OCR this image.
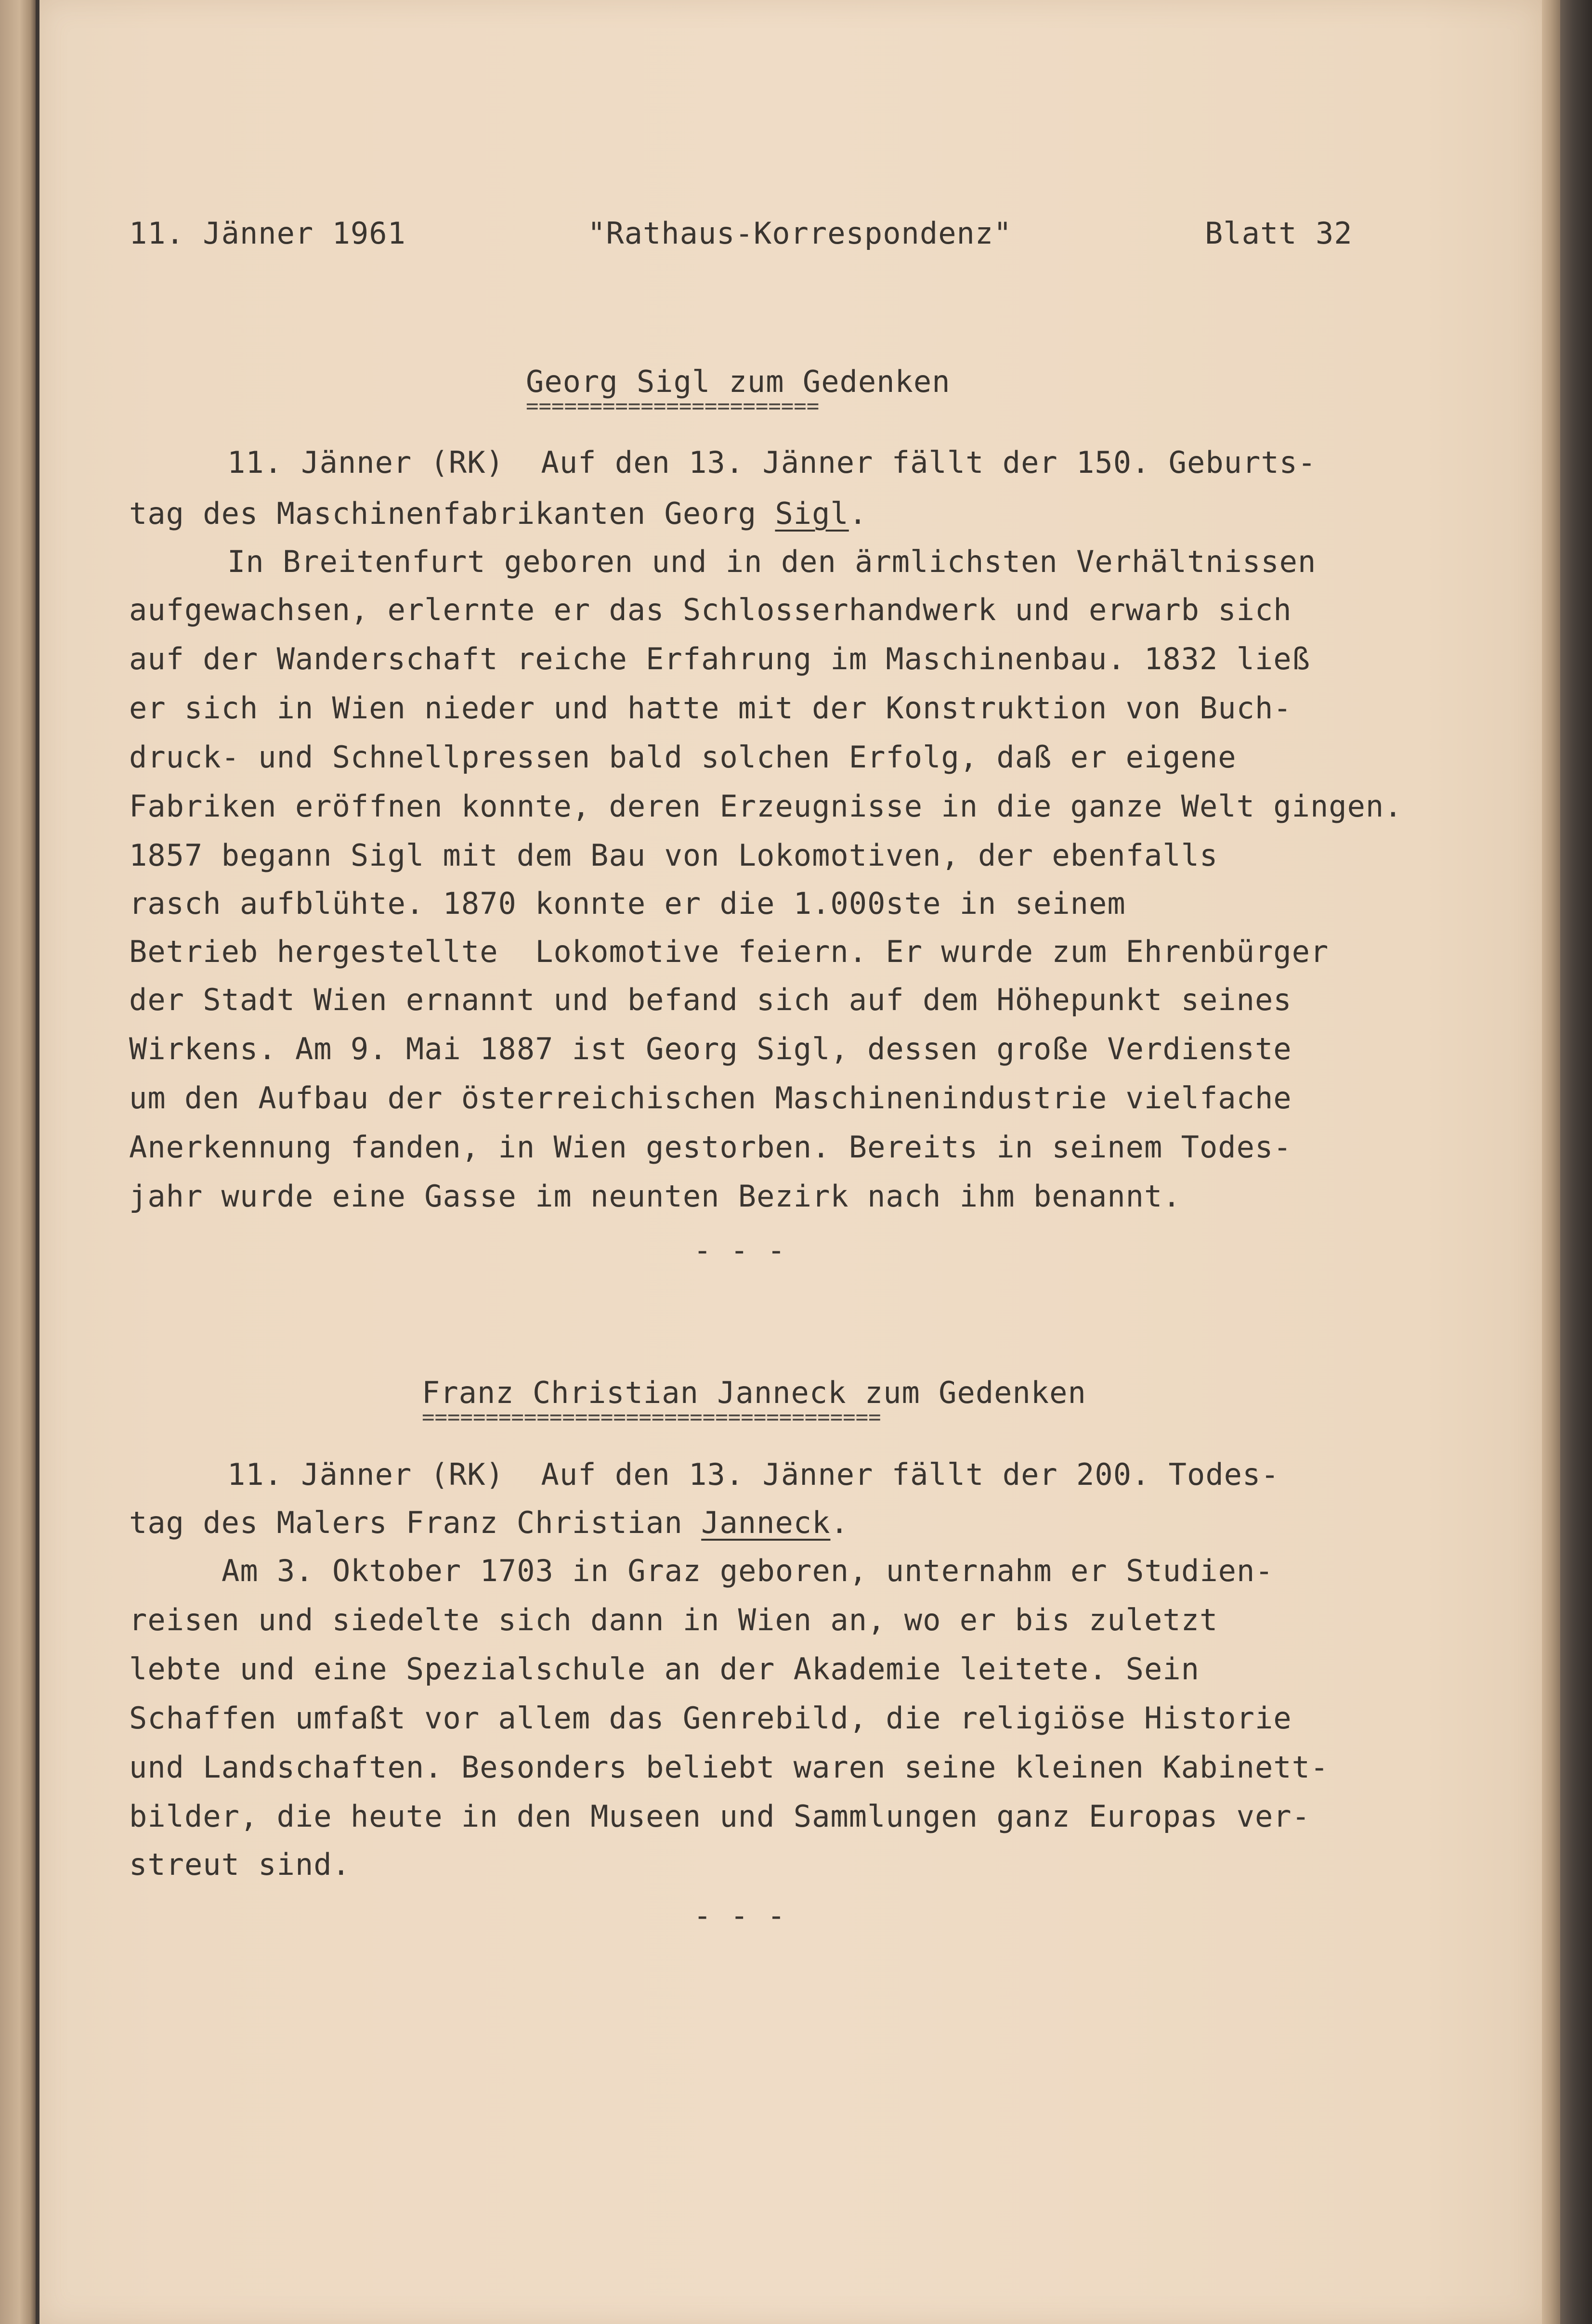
11. Jänner 1961	"Rathaus-Korrespondenz"	Blatt 32
Georg Sigl zum Gedenken
=======================
11. Jänner (RK)  Auf den 13. Jänner fällt der 150. Geburts-
tag des Maschinenfabrikanten Georg Sigl.
In Breitenfurt geboren und in den ärmlichsten Verhältnissen
aufgewachsen, erlernte er das Schlosserhandwerk und erwarb sich
auf der Wanderschaft reiche Erfahrung im Maschinenbau. 1832 ließ
er sich in Wien nieder und hatte mit der Konstruktion von Buch-
druck- und Schnellpressen bald solchen Erfolg, daß er eigene
Fabriken eröffnen konnte, deren Erzeugnisse in die ganze Welt gingen.
1857 begann Sigl mit dem Bau von Lokomotiven, der ebenfalls
rasch aufblühte. 1870 konnte er die 1.000ste in seinem
Betrieb hergestellte  Lokomotive feiern. Er wurde zum Ehrenbürger
der Stadt Wien ernannt und befand sich auf dem Höhepunkt seines
Wirkens. Am 9. Mai 1887 ist Georg Sigl, dessen große Verdienste
um den Aufbau der österreichischen Maschinenindustrie vielfache
Anerkennung fanden, in Wien gestorben. Bereits in seinem Todes-
jahr wurde eine Gasse im neunten Bezirk nach ihm benannt.
- - -
Franz Christian Janneck zum Gedenken
====================================
11. Jänner (RK)  Auf den 13. Jänner fällt der 200. Todes-
tag des Malers Franz Christian Janneck.
Am 3. Oktober 1703 in Graz geboren, unternahm er Studien-
reisen und siedelte sich dann in Wien an, wo er bis zuletzt
lebte und eine Spezialschule an der Akademie leitete. Sein
Schaffen umfaßt vor allem das Genrebild, die religiöse Historie
und Landschaften. Besonders beliebt waren seine kleinen Kabinett-
bilder, die heute in den Museen und Sammlungen ganz Europas ver-
streut sind.
- - -
